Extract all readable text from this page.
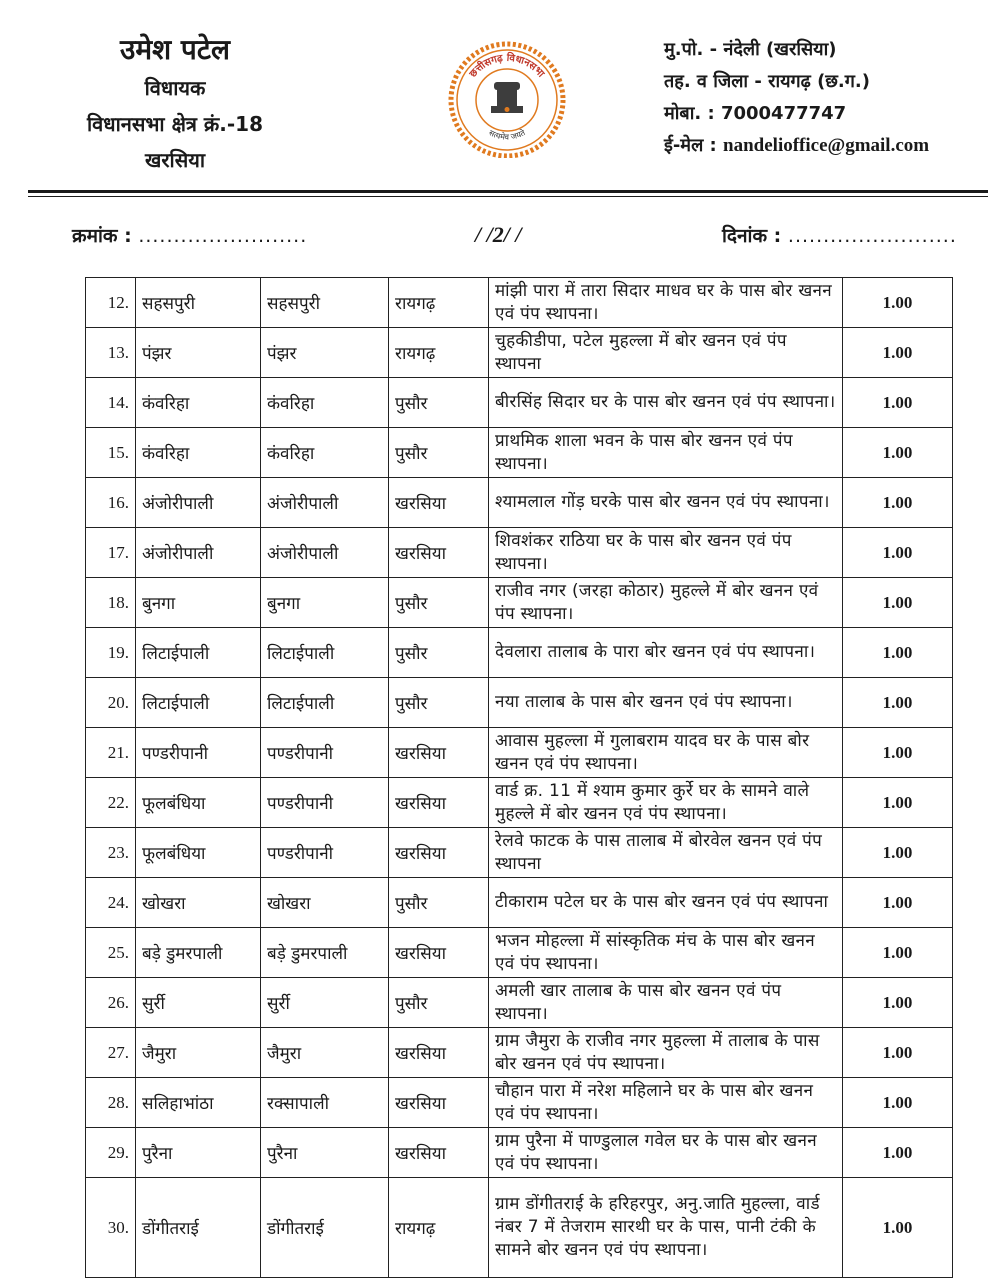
उमेश पटेल
विधायक
विधानसभा क्षेत्र क्रं.-18
खरसिया
छत्तीसगढ़ विधानसभा
सत्यमेव जयते
मु.पो. - नंदेली (खरसिया)
तह. व जिला - रायगढ़ (छ.ग.)
मोबा. : 7000477747
ई-मेल : nandelioffice@gmail.com
क्रमांक : ........................	/ /2/ /	दिनांक : ........................
12.	सहसपुरी	सहसपुरी	रायगढ़	मांझी पारा में तारा सिदार माधव घर के पास बोर खनन एवं पंप स्थापना।	1.00
13.	पंझर	पंझर	रायगढ़	चुहकीडीपा, पटेल मुहल्ला में बोर खनन एवं पंप स्थापना	1.00
14.	कंवरिहा	कंवरिहा	पुसौर	बीरसिंह सिदार घर के पास बोर खनन एवं पंप स्थापना।	1.00
15.	कंवरिहा	कंवरिहा	पुसौर	प्राथमिक शाला भवन के पास बोर खनन एवं पंप स्थापना।	1.00
16.	अंजोरीपाली	अंजोरीपाली	खरसिया	श्यामलाल गोंड़ घरके पास बोर खनन एवं पंप स्थापना।	1.00
17.	अंजोरीपाली	अंजोरीपाली	खरसिया	शिवशंकर राठिया घर के पास बोर खनन एवं पंप स्थापना।	1.00
18.	बुनगा	बुनगा	पुसौर	राजीव नगर (जरहा कोठार) मुहल्ले में बोर खनन एवं पंप स्थापना।	1.00
19.	लिटाईपाली	लिटाईपाली	पुसौर	देवलारा तालाब के पारा बोर खनन एवं पंप स्थापना।	1.00
20.	लिटाईपाली	लिटाईपाली	पुसौर	नया तालाब के पास बोर खनन एवं पंप स्थापना।	1.00
21.	पण्डरीपानी	पण्डरीपानी	खरसिया	आवास मुहल्ला में गुलाबराम यादव घर के पास बोर खनन एवं पंप स्थापना।	1.00
22.	फूलबंधिया	पण्डरीपानी	खरसिया	वार्ड क्र. 11 में श्याम कुमार कुर्रे घर के सामने वाले मुहल्ले में बोर खनन एवं पंप स्थापना।	1.00
23.	फूलबंधिया	पण्डरीपानी	खरसिया	रेलवे फाटक के पास तालाब में बोरवेल खनन एवं पंप स्थापना	1.00
24.	खोखरा	खोखरा	पुसौर	टीकाराम पटेल घर के पास बोर खनन एवं पंप स्थापना	1.00
25.	बड़े डुमरपाली	बड़े डुमरपाली	खरसिया	भजन मोहल्ला में सांस्कृतिक मंच के पास बोर खनन एवं पंप स्थापना।	1.00
26.	सुर्री	सुर्री	पुसौर	अमली खार तालाब के पास बोर खनन एवं पंप स्थापना।	1.00
27.	जैमुरा	जैमुरा	खरसिया	ग्राम जैमुरा के राजीव नगर मुहल्ला में तालाब के पास बोर खनन एवं पंप स्थापना।	1.00
28.	सलिहाभांठा	रक्सापाली	खरसिया	चौहान पारा में नरेश महिलाने घर के पास बोर खनन एवं पंप स्थापना।	1.00
29.	पुरैना	पुरैना	खरसिया	ग्राम पुरैना में पाण्डुलाल गवेल घर के पास बोर खनन एवं पंप स्थापना।	1.00
30.	डोंगीतराई	डोंगीतराई	रायगढ़	ग्राम डोंगीतराई के हरिहरपुर, अनु.जाति मुहल्ला, वार्ड नंबर 7 में तेजराम सारथी घर के पास, पानी टंकी के सामने बोर खनन एवं पंप स्थापना।	1.00
